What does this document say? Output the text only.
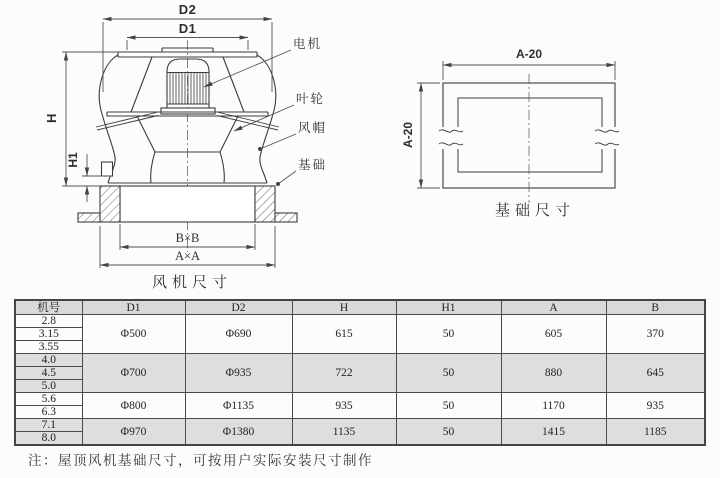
D2
D1
H
H1
B×B
A×A
电机
叶轮
风帽
基础
风机尺寸
A-20
A-20
基础尺寸
机号	D1	D2	H	H1	A	B
2.8	Φ500	Φ690	615	50	605	370
3.15						
3.55						
4.0	Φ700	Φ935	722	50	880	645
4.5						
5.0						
5.6	Φ800	Φ1135	935	50	1170	935
6.3						
7.1	Φ970	Φ1380	1135	50	1415	1185
8.0						
注：屋顶风机基础尺寸，可按用户实际安装尺寸制作
